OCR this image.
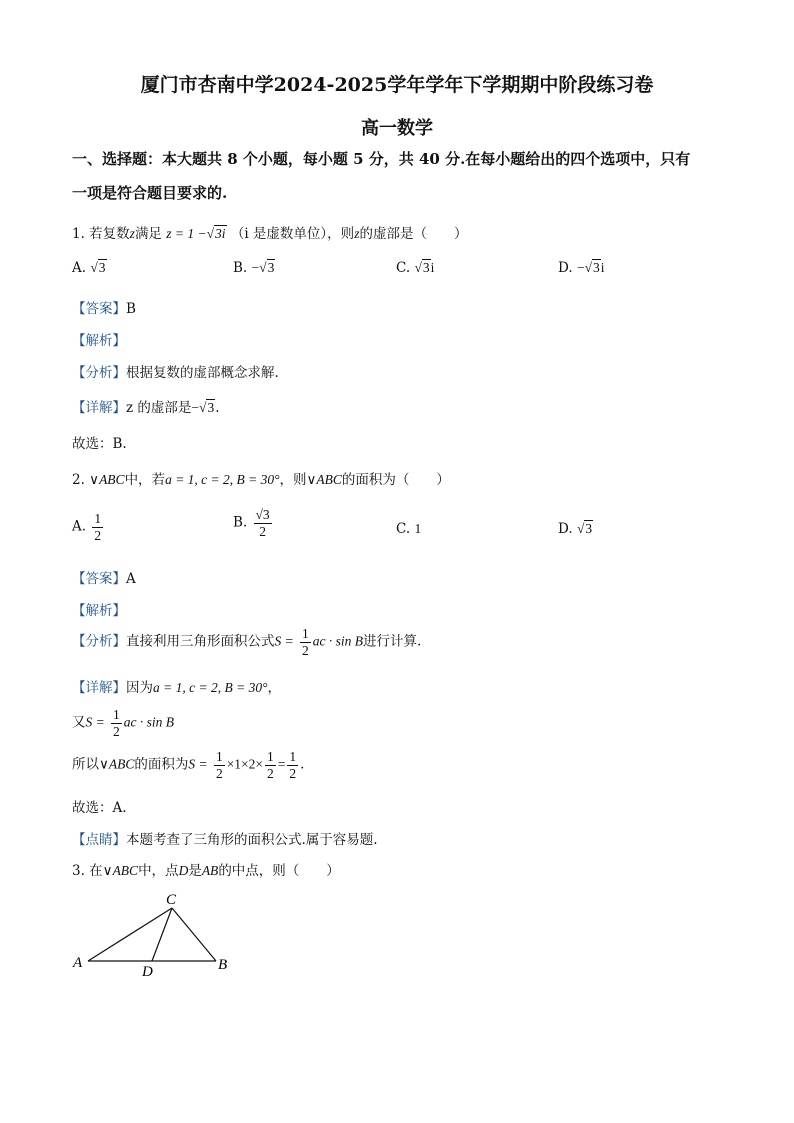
厦门市杏南中学2024-2025学年学年下学期期中阶段练习卷
高一数学
一、选择题：本大题共 8 个小题，每小题 5 分，共 40 分.在每小题给出的四个选项中，只有
一项是符合题目要求的.
1. 若复数z满足 z = 1 −√3i （i 是虚数单位），则z的虚部是（　　）
A. √3	B. −√3	C. √3i	D. −√3i
【答案】B
【解析】
【分析】根据复数的虚部概念求解.
【详解】z 的虚部是−√3.
故选：B.
2. ∨ABC中，若a = 1, c = 2, B = 30°，则∨ABC的面积为（　　）
A. $\frac{1}{2}$	B. $\frac{√3}{2}$	C. 1	D. √3
【答案】A
【解析】
【分析】直接利用三角形面积公式$S = \frac{1}{2}$ ac · sin B进行计算.
【详解】因为a = 1, c = 2, B = 30°，
又$S = \frac{1}{2}$ ac · sin B
所以∨ABC的面积为$S = \frac{1}{2} \times 1\times 2\times \frac{1}{2} = \frac{1}{2}$ .
故选：A.
【点睛】本题考查了三角形的面积公式.属于容易题.
3. 在∨ABC中，点D是AB的中点，则（　　）
A	B
C
D
